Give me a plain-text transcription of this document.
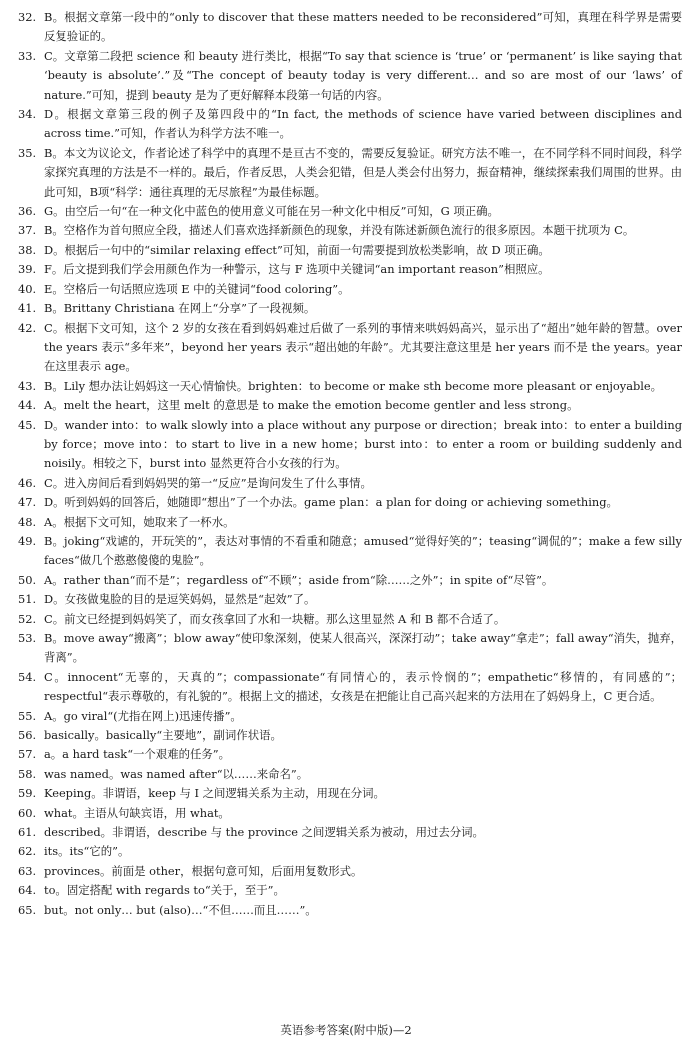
32. B。根据文章第一段中的“only to discover that these matters needed to be reconsidered”可知，真理在科学界是需要反复验证的。
33. C。文章第二段把 science 和 beauty 进行类比，根据“To say that science is ‘true’ or ‘permanent’ is like saying that ‘beauty is absolute’.”及“The concept of beauty today is very different… and so are most of our ‘laws’ of nature.”可知，提到 beauty 是为了更好解释本段第一句话的内容。
34. D。根据文章第三段的例子及第四段中的“In fact, the methods of science have varied between disciplines and across time.”可知，作者认为科学方法不唯一。
35. B。本文为议论文，作者论述了科学中的真理不是亘古不变的，需要反复验证。研究方法不唯一，在不同学科不同时间段，科学家探究真理的方法是不一样的。最后，作者反思，人类会犯错，但是人类会付出努力，振奋精神，继续探索我们周围的世界。由此可知，B项“科学：通往真理的无尽旅程”为最佳标题。
36. G。由空后一句“在一种文化中蓝色的使用意义可能在另一种文化中相反”可知，G 项正确。
37. B。空格作为首句照应全段，描述人们喜欢选择新颜色的现象，并没有陈述新颜色流行的很多原因。本题干扰项为 C。
38. D。根据后一句中的“similar relaxing effect”可知，前面一句需要提到放松类影响，故 D 项正确。
39. F。后文提到我们学会用颜色作为一种警示，这与 F 选项中关键词“an important reason”相照应。
40. E。空格后一句话照应选项 E 中的关键词“food coloring”。
41. B。Brittany Christiana 在网上“分享”了一段视频。
42. C。根据下文可知，这个 2 岁的女孩在看到妈妈难过后做了一系列的事情来哄妈妈高兴，显示出了“超出”她年龄的智慧。over the years 表示“多年来”，beyond her years 表示“超出她的年龄”。尤其要注意这里是 her years 而不是 the years。year 在这里表示 age。
43. B。Lily 想办法让妈妈这一天心情愉快。brighten：to become or make sth become more pleasant or enjoyable。
44. A。melt the heart，这里 melt 的意思是 to make the emotion become gentler and less strong。
45. D。wander into：to walk slowly into a place without any purpose or direction；break into：to enter a building by force；move into：to start to live in a new home；burst into：to enter a room or building suddenly and noisily。相较之下，burst into 显然更符合小女孩的行为。
46. C。进入房间后看到妈妈哭的第一“反应”是询问发生了什么事情。
47. D。听到妈妈的回答后，她随即“想出”了一个办法。game plan：a plan for doing or achieving something。
48. A。根据下文可知，她取来了一杯水。
49. B。joking“戏谑的，开玩笑的”，表达对事情的不看重和随意；amused“觉得好笑的”；teasing“调侃的”；make a few silly faces“做几个憨憨傻傻的鬼脸”。
50. A。rather than“而不是”；regardless of“不顾”；aside from“除……之外”；in spite of“尽管”。
51. D。女孩做鬼脸的目的是逗笑妈妈，显然是“起效”了。
52. C。前文已经提到妈妈笑了，而女孩拿回了水和一块糖。那么这里显然 A 和 B 都不合适了。
53. B。move away“搬离”；blow away“使印象深刻，使某人很高兴，深深打动”；take away“拿走”；fall away“消失，抛弃，背离”。
54. C。innocent“无辜的，天真的”；compassionate“有同情心的，表示怜悯的”；empathetic“移情的，有同感的”；respectful“表示尊敬的，有礼貌的”。根据上文的描述，女孩是在把能让自己高兴起来的方法用在了妈妈身上，C 更合适。
55. A。go viral“(尤指在网上)迅速传播”。
56. basically。basically“主要地”，副词作状语。
57. a。a hard task“一个艰难的任务”。
58. was named。was named after“以……来命名”。
59. Keeping。非谓语，keep 与 I 之间逻辑关系为主动，用现在分词。
60. what。主语从句缺宾语，用 what。
61. described。非谓语，describe 与 the province 之间逻辑关系为被动，用过去分词。
62. its。its“它的”。
63. provinces。前面是 other，根据句意可知，后面用复数形式。
64. to。固定搭配 with regards to“关于，至于”。
65. but。not only… but (also)…“不但……而且……”。
英语参考答案(附中版)—2
